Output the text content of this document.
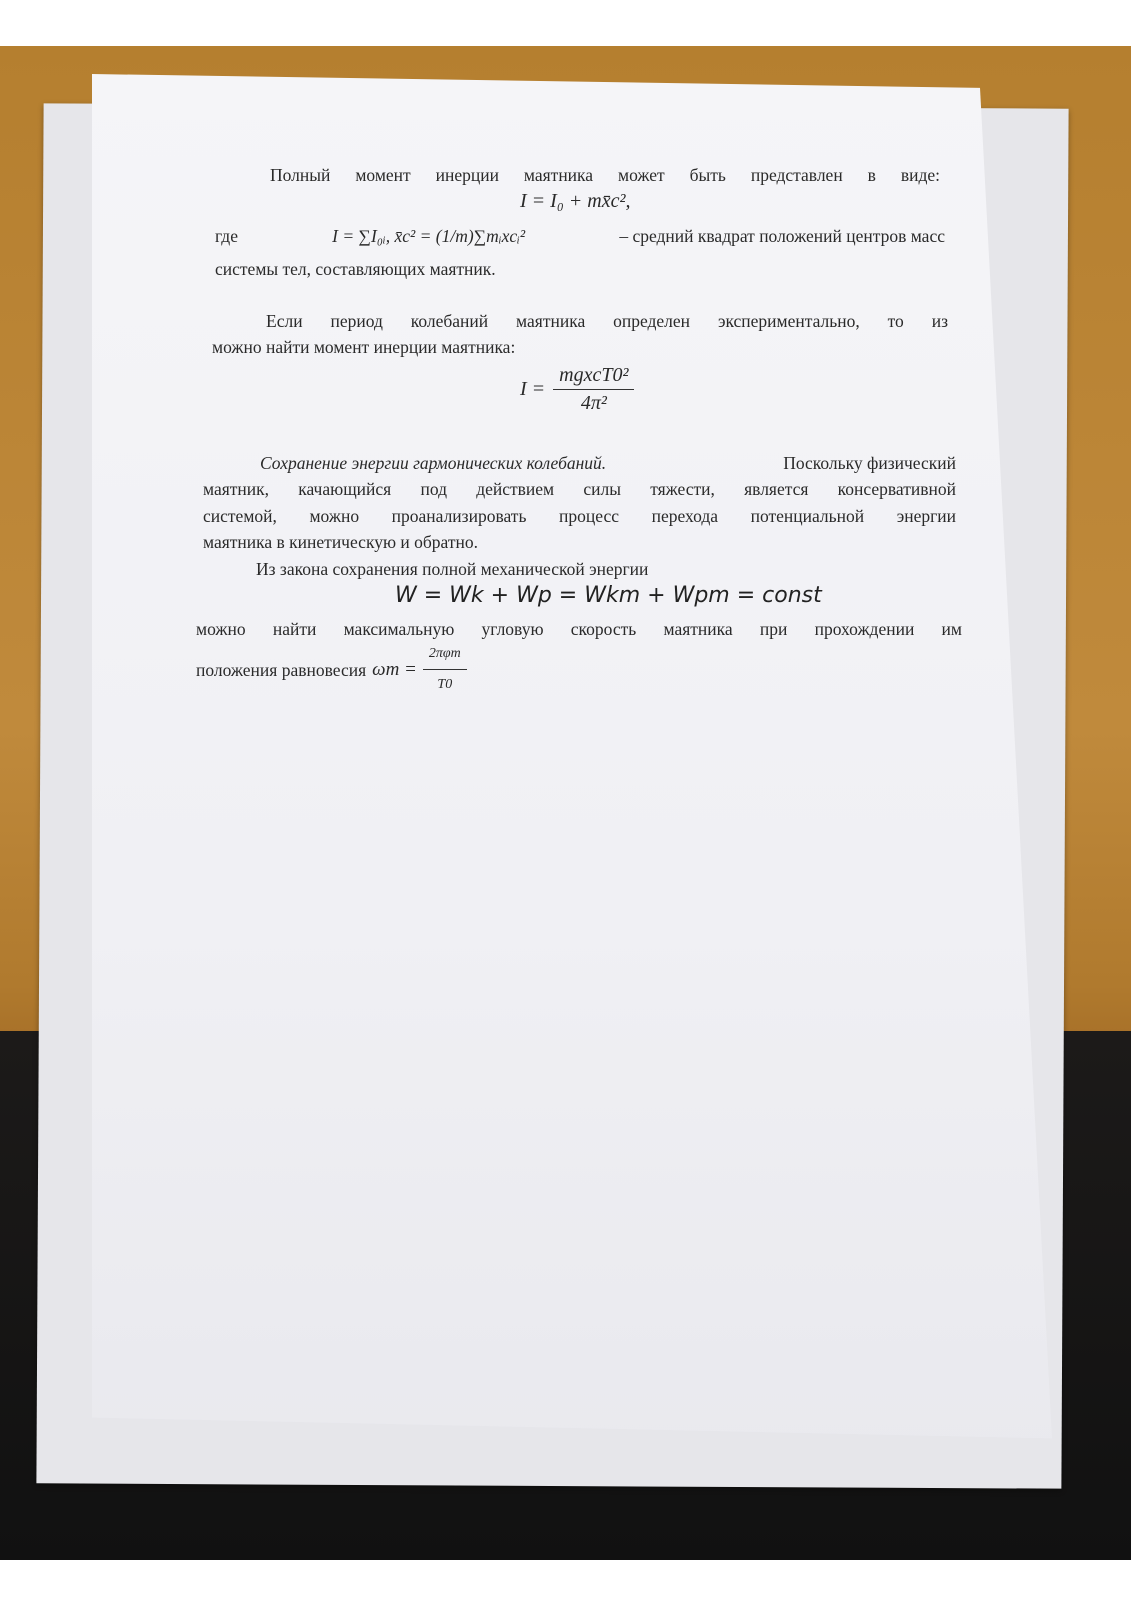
Полный момент инерции маятника может быть представлен в виде:
I = I₀ + mx̄c²,
где	I = ∑I₀ᵢ, x̄c² = (1/m)∑mᵢxcᵢ²	– средний квадрат положений центров масс
системы тел, составляющих маятник.
Если период колебаний маятника определен экспериментально, то из
можно найти момент инерции маятника:
$I = \frac{\text{mgxcT0²}}{\text{4π²}}$
Сохранение энергии гармонических колебаний.	Поскольку физический
маятник, качающийся под действием силы тяжести, является консервативной
системой, можно проанализировать процесс перехода потенциальной энергии
маятника в кинетическую и обратно.
Из закона сохранения полной механической энергии
W = Wk + Wp = Wkm + Wpm = const
можно найти максимальную угловую скорость маятника при прохождении им
положения равновесия $\omega m = \frac{\text{2πφm}}{T0}$
